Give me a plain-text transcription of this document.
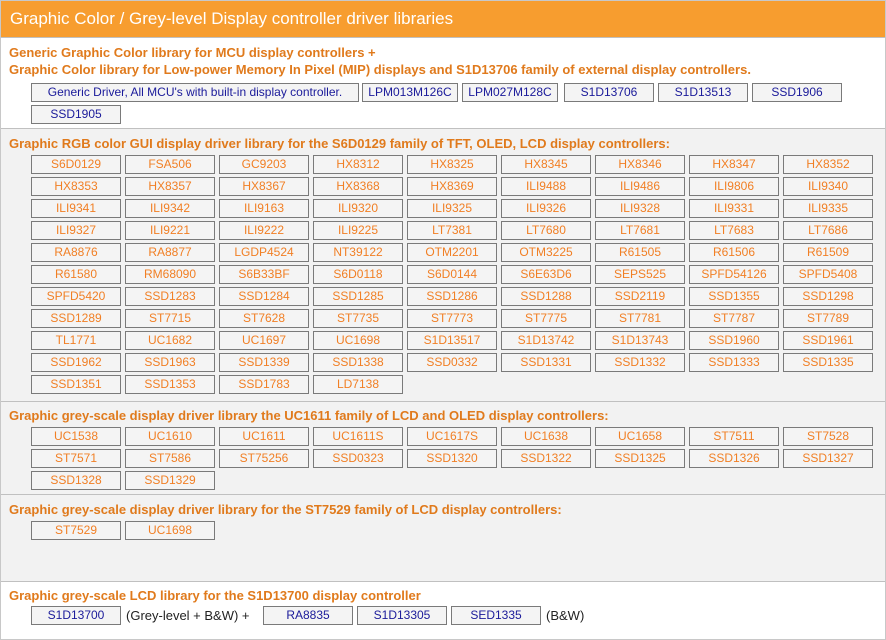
Graphic Color / Grey-level Display controller driver libraries
Generic Graphic Color library for MCU display controllers +
Graphic Color library for Low-power Memory In Pixel (MIP) displays and S1D13706 family of external display controllers.
Generic Driver, All MCU's with built-in display controller.	LPM013M126C	LPM027M128C	S1D13706	S1D13513	SSD1906
SSD1905
Graphic RGB color GUI display driver library for the S6D0129 family of TFT, OLED, LCD display controllers:
S6D0129	FSA506	GC9203	HX8312	HX8325	HX8345	HX8346	HX8347	HX8352
HX8353	HX8357	HX8367	HX8368	HX8369	ILI9488	ILI9486	ILI9806	ILI9340
ILI9341	ILI9342	ILI9163	ILI9320	ILI9325	ILI9326	ILI9328	ILI9331	ILI9335
ILI9327	ILI9221	ILI9222	ILI9225	LT7381	LT7680	LT7681	LT7683	LT7686
RA8876	RA8877	LGDP4524	NT39122	OTM2201	OTM3225	R61505	R61506	R61509
R61580	RM68090	S6B33BF	S6D0118	S6D0144	S6E63D6	SEPS525	SPFD54126	SPFD5408
SPFD5420	SSD1283	SSD1284	SSD1285	SSD1286	SSD1288	SSD2119	SSD1355	SSD1298
SSD1289	ST7715	ST7628	ST7735	ST7773	ST7775	ST7781	ST7787	ST7789
TL1771	UC1682	UC1697	UC1698	S1D13517	S1D13742	S1D13743	SSD1960	SSD1961
SSD1962	SSD1963	SSD1339	SSD1338	SSD0332	SSD1331	SSD1332	SSD1333	SSD1335
SSD1351	SSD1353	SSD1783	LD7138
Graphic grey-scale display driver library the UC1611 family of LCD and OLED display controllers:
UC1538	UC1610	UC1611	UC1611S	UC1617S	UC1638	UC1658	ST7511	ST7528
ST7571	ST7586	ST75256	SSD0323	SSD1320	SSD1322	SSD1325	SSD1326	SSD1327
SSD1328	SSD1329
Graphic grey-scale display driver library for the ST7529 family of LCD display controllers:
ST7529	UC1698
Graphic grey-scale LCD library for the S1D13700 display controller
S1D13700	(Grey-level + B&W) +	RA8835	S1D13305	SED1335	(B&W)
